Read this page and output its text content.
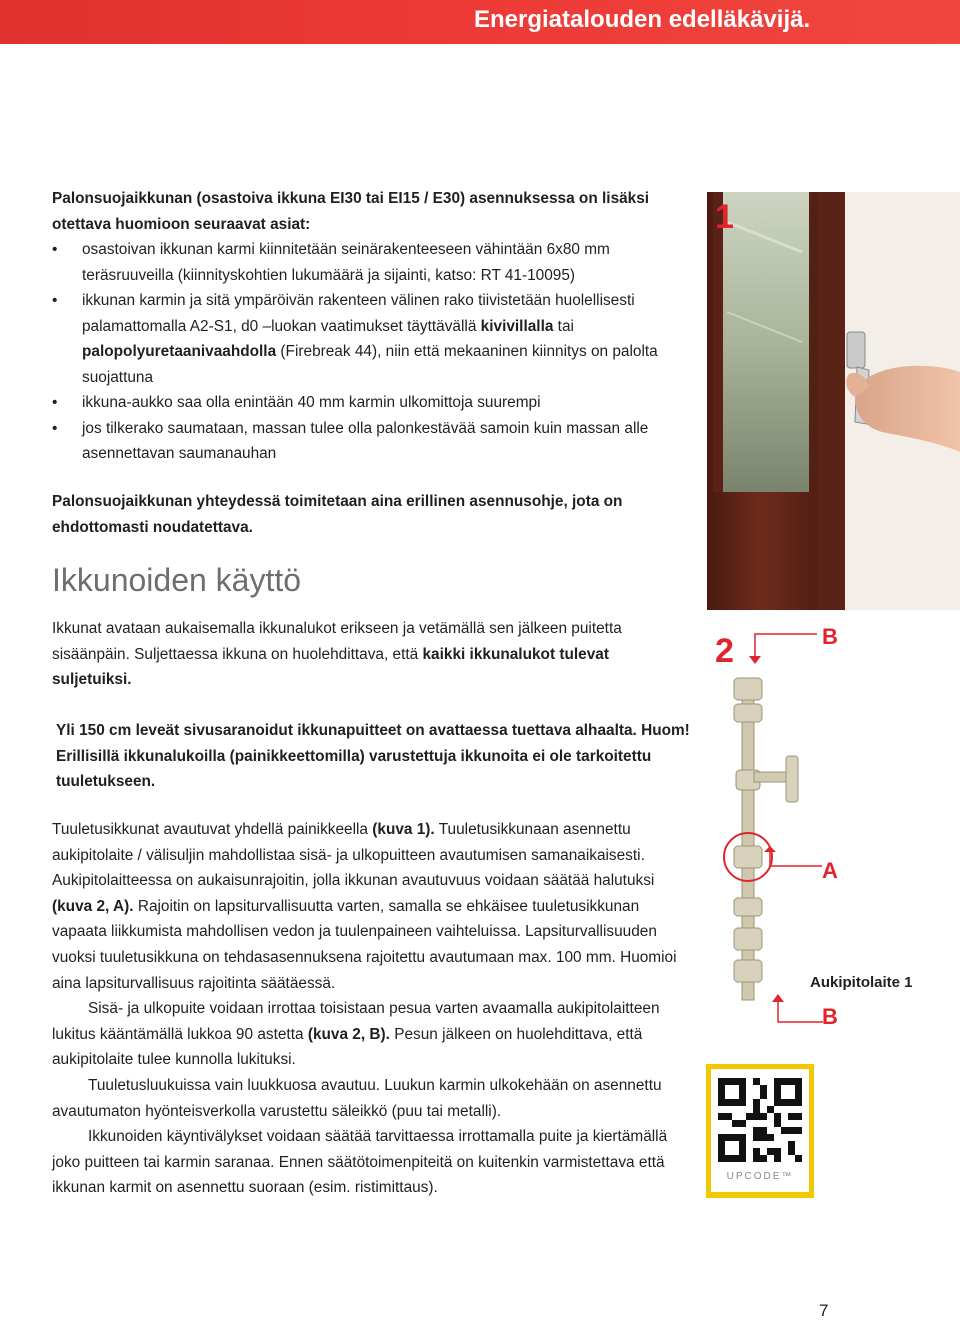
Energiatalouden edelläkävijä.
Palonsuojaikkunan (osastoiva ikkuna EI30 tai EI15 / E30) asennuksessa on lisäksi otettava huomioon seuraavat asiat:
• osastoivan ikkunan karmi kiinnitetään seinärakenteeseen vähintään 6x80 mm teräsruuveilla (kiinnityskohtien lukumäärä ja sijainti, katso: RT 41-10095)
• ikkunan karmin ja sitä ympäröivän rakenteen välinen rako tiivistetään huolellisesti palamattomalla A2-S1, d0 –luokan vaatimukset täyttävällä kivivillalla tai palopolyuretaanivaahdolla (Firebreak 44), niin että mekaaninen kiinnitys on palolta suojattuna
• ikkuna-aukko saa olla enintään 40 mm karmin ulkomittoja suurempi
• jos tilkerako saumataan, massan tulee olla palonkestävää samoin kuin massan alle asennettavan saumanauhan
Palonsuojaikkunan yhteydessä toimitetaan aina erillinen asennusohje, jota on ehdottomasti noudatettava.
Ikkunoiden käyttö
Ikkunat avataan aukaisemalla ikkunalukot erikseen ja vetämällä sen jälkeen puitetta sisäänpäin. Suljettaessa ikkuna on huolehdittava, että kaikki ikkunalukot tulevat suljetuiksi.
Yli 150 cm leveät sivusaranoidut ikkunapuitteet on avattaessa tuettava alhaalta. Huom! Erillisillä ikkunalukoilla (painikkeettomilla) varustettuja ikkunoita ei ole tarkoitettu tuuletukseen.

Tuuletusikkunat avautuvat yhdellä painikkeella (kuva 1). Tuuletusikkunaan asennettu aukipitolaite / välisuljin mahdollistaa sisä- ja ulkopuitteen avautumisen samanaikaisesti. Aukipitolaitteessa on aukaisunrajoitin, jolla ikkunan avautuvuus voidaan säätää halutuksi (kuva 2, A). Rajoitin on lapsiturvallisuutta varten, samalla se ehkäisee tuuletusikkunan vapaata liikkumista mahdollisen vedon ja tuulenpaineen vaihteluissa. Lapsiturvallisuuden vuoksi tuuletusikkuna on tehdasasennuksena rajoitettu avautumaan max. 100 mm. Huomioi aina lapsiturvallisuus rajoitinta säätäessä.

Sisä- ja ulkopuite voidaan irrottaa toisistaan pesua varten avaamalla aukipitolaitteen lukitus kääntämällä lukkoa 90 astetta (kuva 2, B). Pesun jälkeen on huolehdittava, että aukipitolaite tulee kunnolla lukituksi.

Tuuletusluukuissa vain luukkuosa avautuu. Luukun karmin ulkokehään on asennettu avautumaton hyönteisverkolla varustettu säleikkö (puu tai metalli).

Ikkunoiden käyntivälykset voidaan säätää tarvittaessa irrottamalla puite ja kiertämällä joko puitteen tai karmin saranaa. Ennen säätötoimenpiteitä on kuitenkin varmistettava että ikkunan karmit on asennettu suoraan (esim. ristimittaus).

1
2	B
A
Aukipitolaite 1
B
UPCODE™
7
